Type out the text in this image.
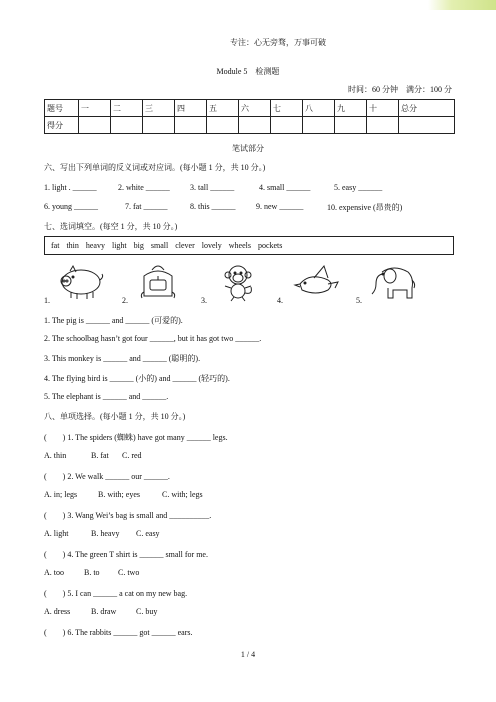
专注：心无旁骛，万事可破
Module 5　检测题
时间：60 分钟　满分：100 分
题号	一	二	三	四	五	六	七	八	九	十	总分
得分											
笔试部分
六、写出下列单词的反义词或对应词。(每小题 1 分，共 10 分。)
1. light . ______	2. white ______	3. tall ______	4. small ______	5. easy ______
6. young ______	7. fat ______	8. this ______	9. new ______	10. expensive (昂贵的)
七、选词填空。(每空 1 分，共 10 分。)
fat thin heavy light big small clever lovely wheels pockets
1.	2.	3.	4.	5.
1. The pig is ______ and ______ (可爱的).
2. The schoolbag hasn’t got four ______, but it has got two ______.
3. This monkey is ______ and ______ (聪明的).
4. The flying bird is ______ (小的) and ______ (轻巧的).
5. The elephant is ______ and ______.
八、单项选择。(每小题 1 分，共 10 分。)
(　　) 1. The spiders (蜘蛛) have got many ______ legs.
A. thin	B. fat C. red
(　　) 2. We walk ______ our ______.
A. in; legs	B. with; eyes	C. with; legs
(　　) 3. Wang Wei’s bag is small and __________.
A. light	B. heavy C. easy
(　　) 4. The green T shirt is ______ small for me.
A. too	B. to C. two
(　　) 5. I can ______ a cat on my new bag.
A. dress	B. draw C. buy
(　　) 6. The rabbits ______ got ______ ears.
1 / 4
